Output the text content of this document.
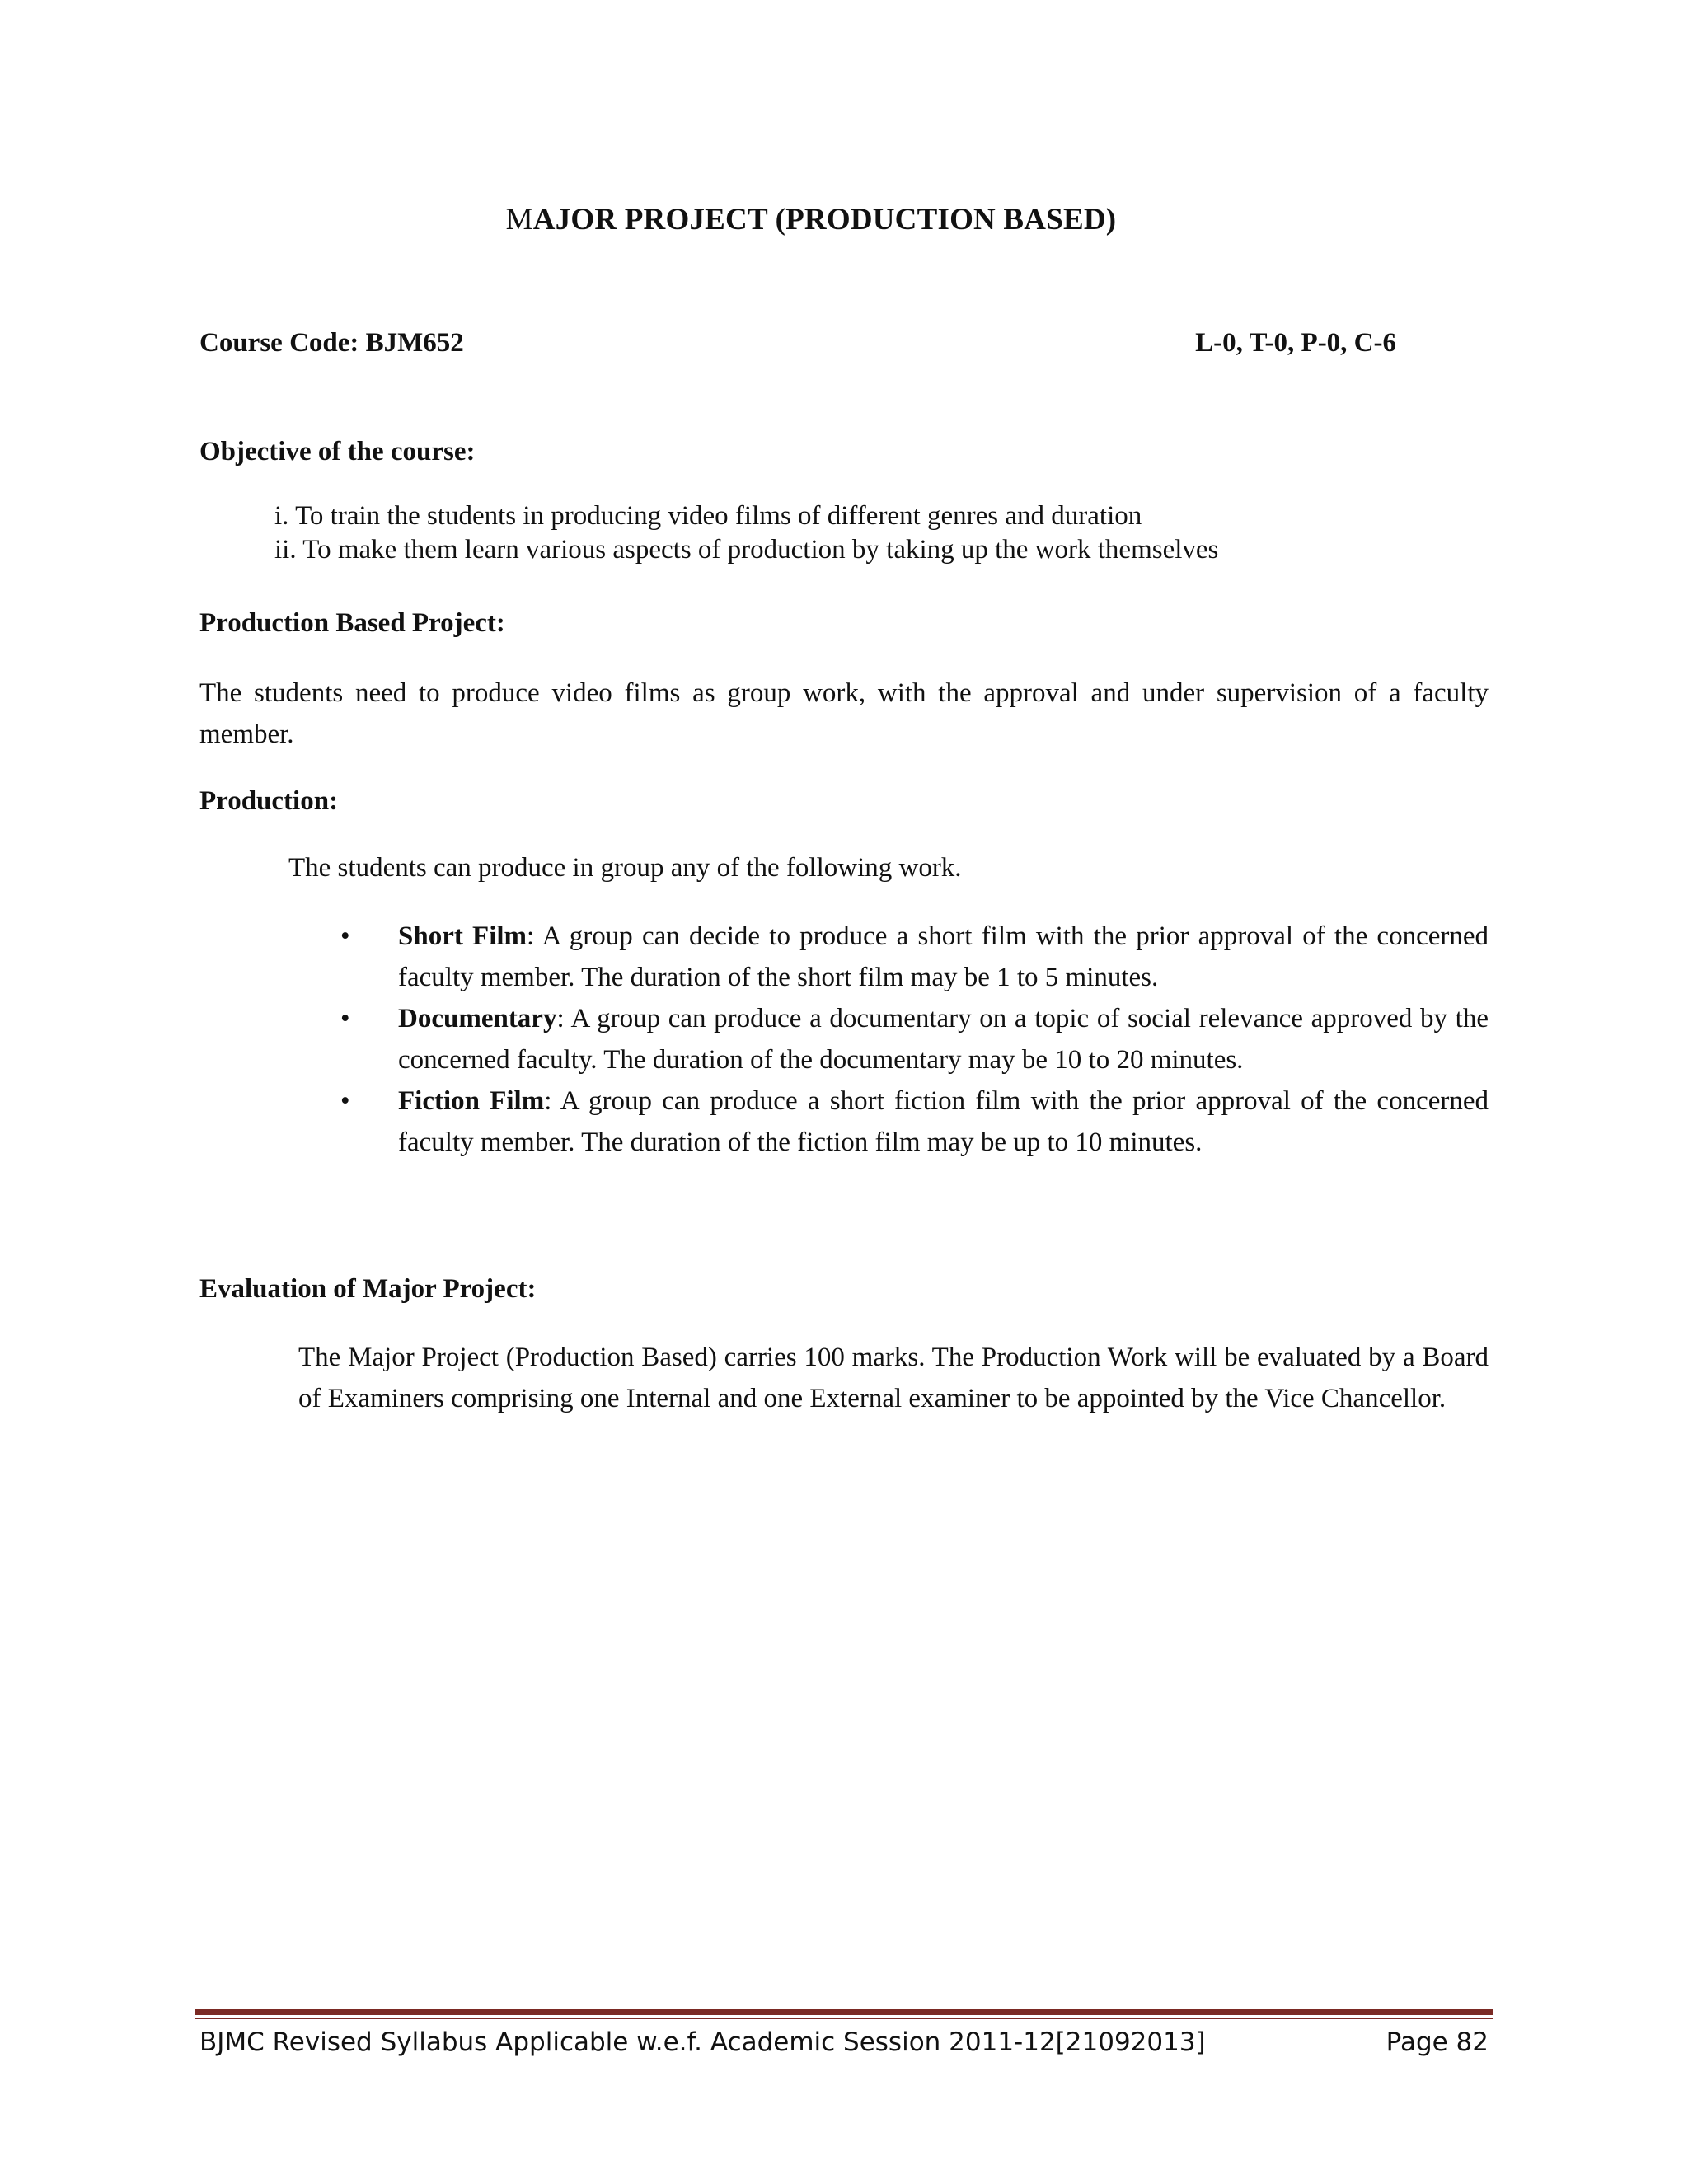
MAJOR PROJECT (PRODUCTION BASED)
Course Code: BJM652	L-0, T-0, P-0, C-6
Objective of the course:
i. To train the students in producing video films of different genres and duration
ii. To make them learn various aspects of production by taking up the work themselves
Production Based Project:
The students need to produce video films as group work, with the approval and under supervision of a faculty member.
Production:
The students can produce in group any of the following work.
• Short Film: A group can decide to produce a short film with the prior approval of the concerned faculty member. The duration of the short film may be 1 to 5 minutes.
• Documentary: A group can produce a documentary on a topic of social relevance approved by the concerned faculty. The duration of the documentary may be 10 to 20 minutes.
• Fiction Film: A group can produce a short fiction film with the prior approval of the concerned faculty member. The duration of the fiction film may be up to 10 minutes.
Evaluation of Major Project:
The Major Project (Production Based) carries 100 marks. The Production Work will be evaluated by a Board of Examiners comprising one Internal and one External examiner to be appointed by the Vice Chancellor.
BJMC Revised Syllabus Applicable w.e.f. Academic Session 2011-12[21092013]	Page 82
